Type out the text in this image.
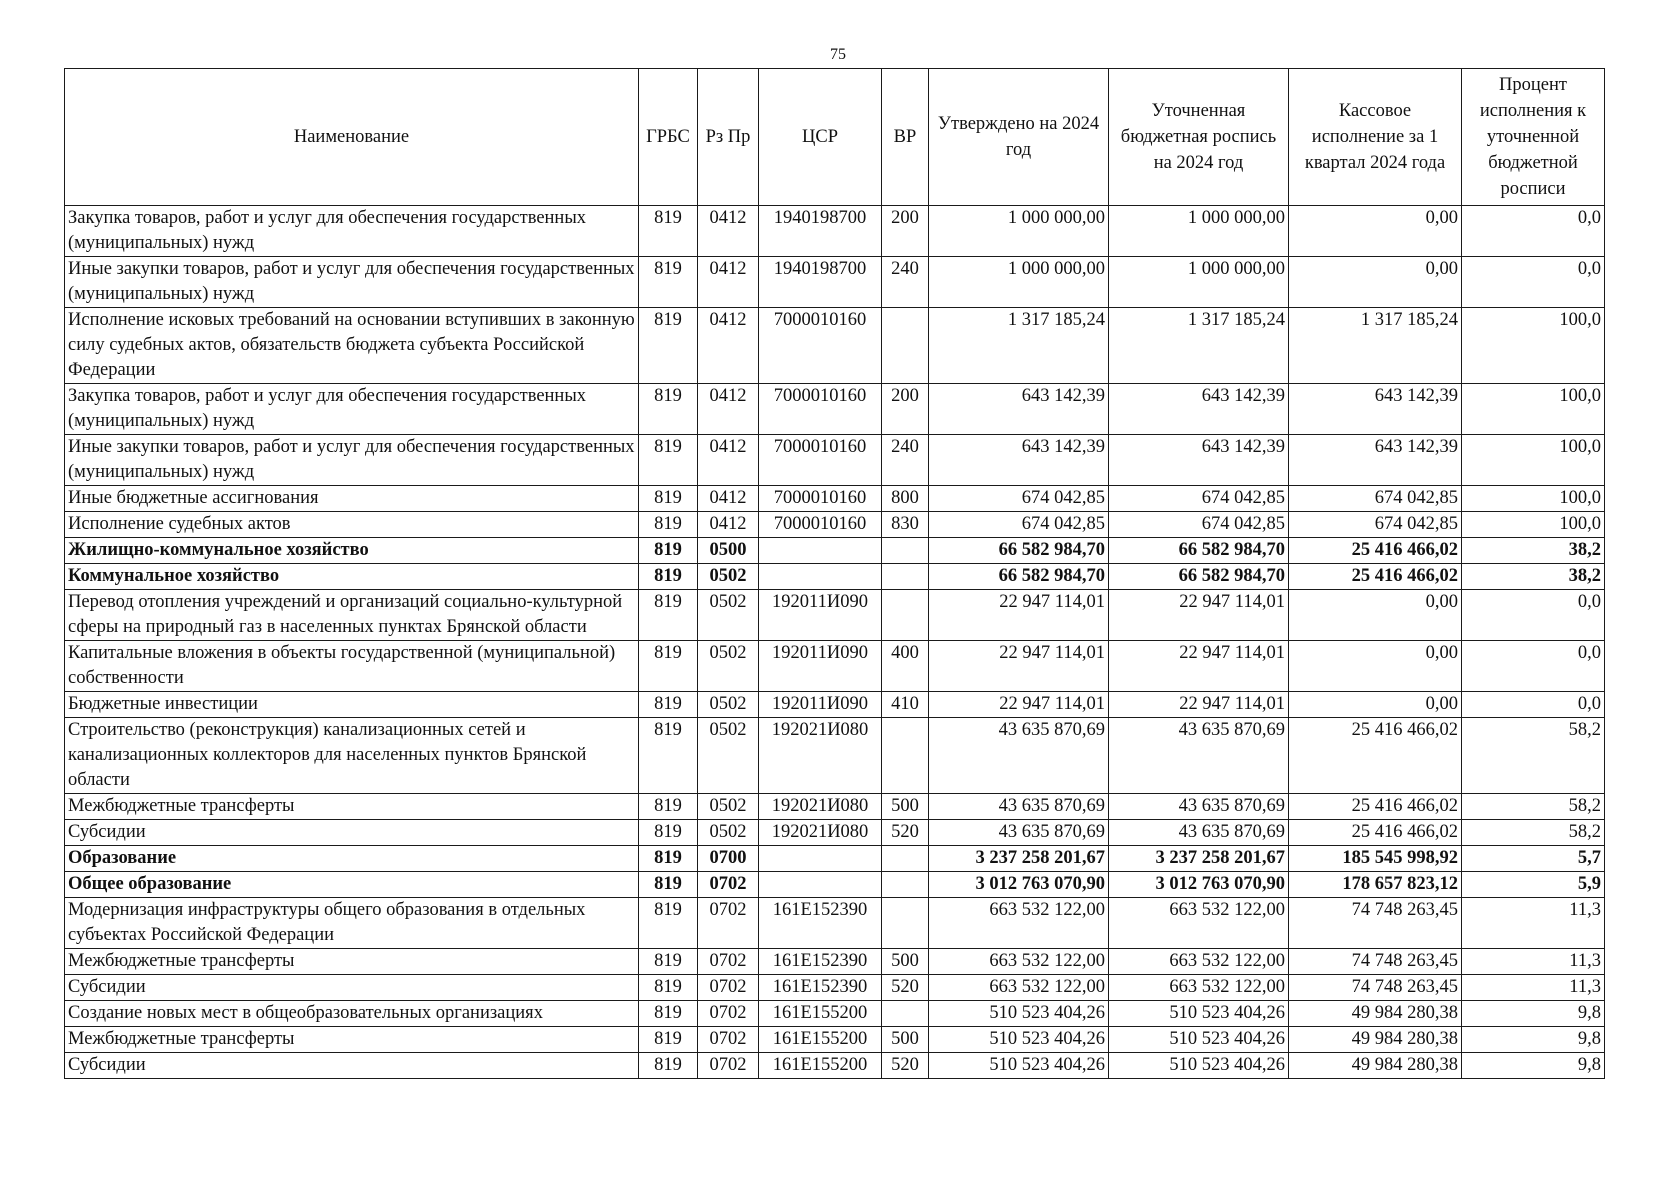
75
Наименование	ГРБС	Рз Пр	ЦСР	ВР	Утверждено на 2024 год	Уточненная бюджетная роспись на 2024 год	Кассовое исполнение за 1 квартал 2024 года	Процент исполнения к уточненной бюджетной росписи
Закупка товаров, работ и услуг для обеспечения государственных (муниципальных) нужд	819	0412	1940198700	200	1 000 000,00	1 000 000,00	0,00	0,0
Иные закупки товаров, работ и услуг для обеспечения государственных (муниципальных) нужд	819	0412	1940198700	240	1 000 000,00	1 000 000,00	0,00	0,0
Исполнение исковых требований на основании вступивших в законную силу судебных актов, обязательств бюджета субъекта Российской Федерации	819	0412	7000010160		1 317 185,24	1 317 185,24	1 317 185,24	100,0
Закупка товаров, работ и услуг для обеспечения государственных (муниципальных) нужд	819	0412	7000010160	200	643 142,39	643 142,39	643 142,39	100,0
Иные закупки товаров, работ и услуг для обеспечения государственных (муниципальных) нужд	819	0412	7000010160	240	643 142,39	643 142,39	643 142,39	100,0
Иные бюджетные ассигнования	819	0412	7000010160	800	674 042,85	674 042,85	674 042,85	100,0
Исполнение судебных актов	819	0412	7000010160	830	674 042,85	674 042,85	674 042,85	100,0
Жилищно-коммунальное хозяйство	819	0500			66 582 984,70	66 582 984,70	25 416 466,02	38,2
Коммунальное хозяйство	819	0502			66 582 984,70	66 582 984,70	25 416 466,02	38,2
Перевод отопления учреждений и организаций социально-культурной сферы на природный газ в населенных пунктах Брянской области	819	0502	192011И090		22 947 114,01	22 947 114,01	0,00	0,0
Капитальные вложения в объекты государственной (муниципальной) собственности	819	0502	192011И090	400	22 947 114,01	22 947 114,01	0,00	0,0
Бюджетные инвестиции	819	0502	192011И090	410	22 947 114,01	22 947 114,01	0,00	0,0
Строительство (реконструкция) канализационных сетей и канализационных коллекторов для населенных пунктов Брянской области	819	0502	192021И080		43 635 870,69	43 635 870,69	25 416 466,02	58,2
Межбюджетные трансферты	819	0502	192021И080	500	43 635 870,69	43 635 870,69	25 416 466,02	58,2
Субсидии	819	0502	192021И080	520	43 635 870,69	43 635 870,69	25 416 466,02	58,2
Образование	819	0700			3 237 258 201,67	3 237 258 201,67	185 545 998,92	5,7
Общее образование	819	0702			3 012 763 070,90	3 012 763 070,90	178 657 823,12	5,9
Модернизация инфраструктуры общего образования в отдельных субъектах Российской Федерации	819	0702	161Е152390		663 532 122,00	663 532 122,00	74 748 263,45	11,3
Межбюджетные трансферты	819	0702	161Е152390	500	663 532 122,00	663 532 122,00	74 748 263,45	11,3
Субсидии	819	0702	161Е152390	520	663 532 122,00	663 532 122,00	74 748 263,45	11,3
Создание новых мест в общеобразовательных организациях	819	0702	161Е155200		510 523 404,26	510 523 404,26	49 984 280,38	9,8
Межбюджетные трансферты	819	0702	161Е155200	500	510 523 404,26	510 523 404,26	49 984 280,38	9,8
Субсидии	819	0702	161Е155200	520	510 523 404,26	510 523 404,26	49 984 280,38	9,8
